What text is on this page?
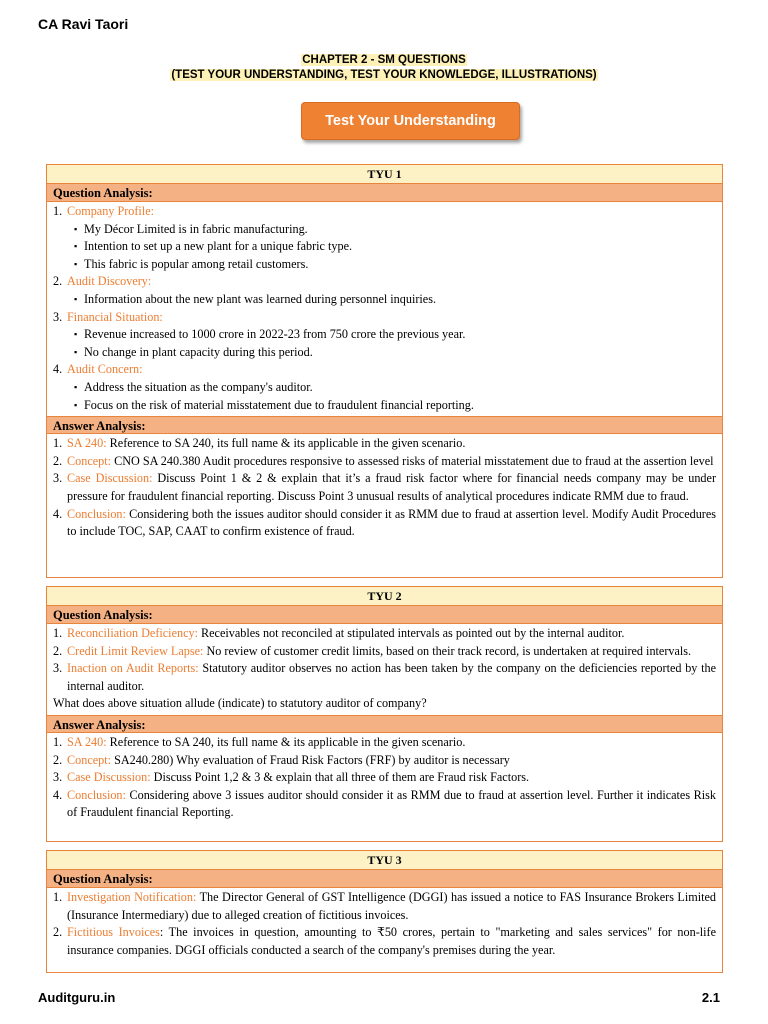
CA Ravi Taori
CHAPTER 2 - SM QUESTIONS
(TEST YOUR UNDERSTANDING, TEST YOUR KNOWLEDGE, ILLUSTRATIONS)
Test Your Understanding
TYU 1
Question Analysis:
1. Company Profile:
▪ My Décor Limited is in fabric manufacturing.
▪ Intention to set up a new plant for a unique fabric type.
▪ This fabric is popular among retail customers.
2. Audit Discovery:
▪ Information about the new plant was learned during personnel inquiries.
3. Financial Situation:
▪ Revenue increased to 1000 crore in 2022-23 from 750 crore the previous year.
▪ No change in plant capacity during this period.
4. Audit Concern:
▪ Address the situation as the company's auditor.
▪ Focus on the risk of material misstatement due to fraudulent financial reporting.
Answer Analysis:
1. SA 240: Reference to SA 240, its full name & its applicable in the given scenario.
2. Concept: CNO SA 240.380 Audit procedures responsive to assessed risks of material misstatement due to fraud at the assertion level
3. Case Discussion: Discuss Point 1 & 2 & explain that it’s a fraud risk factor where for financial needs company may be under pressure for fraudulent financial reporting. Discuss Point 3 unusual results of analytical procedures indicate RMM due to fraud.
4. Conclusion: Considering both the issues auditor should consider it as RMM due to fraud at assertion level. Modify Audit Procedures to include TOC, SAP, CAAT to confirm existence of fraud.
TYU 2
Question Analysis:
1. Reconciliation Deficiency: Receivables not reconciled at stipulated intervals as pointed out by the internal auditor.
2. Credit Limit Review Lapse: No review of customer credit limits, based on their track record, is undertaken at required intervals.
3. Inaction on Audit Reports: Statutory auditor observes no action has been taken by the company on the deficiencies reported by the internal auditor.
What does above situation allude (indicate) to statutory auditor of company?
Answer Analysis:
1. SA 240: Reference to SA 240, its full name & its applicable in the given scenario.
2. Concept: SA240.280) Why evaluation of Fraud Risk Factors (FRF) by auditor is necessary
3. Case Discussion: Discuss Point 1,2 & 3 & explain that all three of them are Fraud risk Factors.
4. Conclusion: Considering above 3 issues auditor should consider it as RMM due to fraud at assertion level. Further it indicates Risk of Fraudulent financial Reporting.
TYU 3
Question Analysis:
1. Investigation Notification: The Director General of GST Intelligence (DGGI) has issued a notice to FAS Insurance Brokers Limited (Insurance Intermediary) due to alleged creation of fictitious invoices.
2. Fictitious Invoices: The invoices in question, amounting to ₹50 crores, pertain to "marketing and sales services" for non-life insurance companies. DGGI officials conducted a search of the company's premises during the year.
Auditguru.in	2.1
